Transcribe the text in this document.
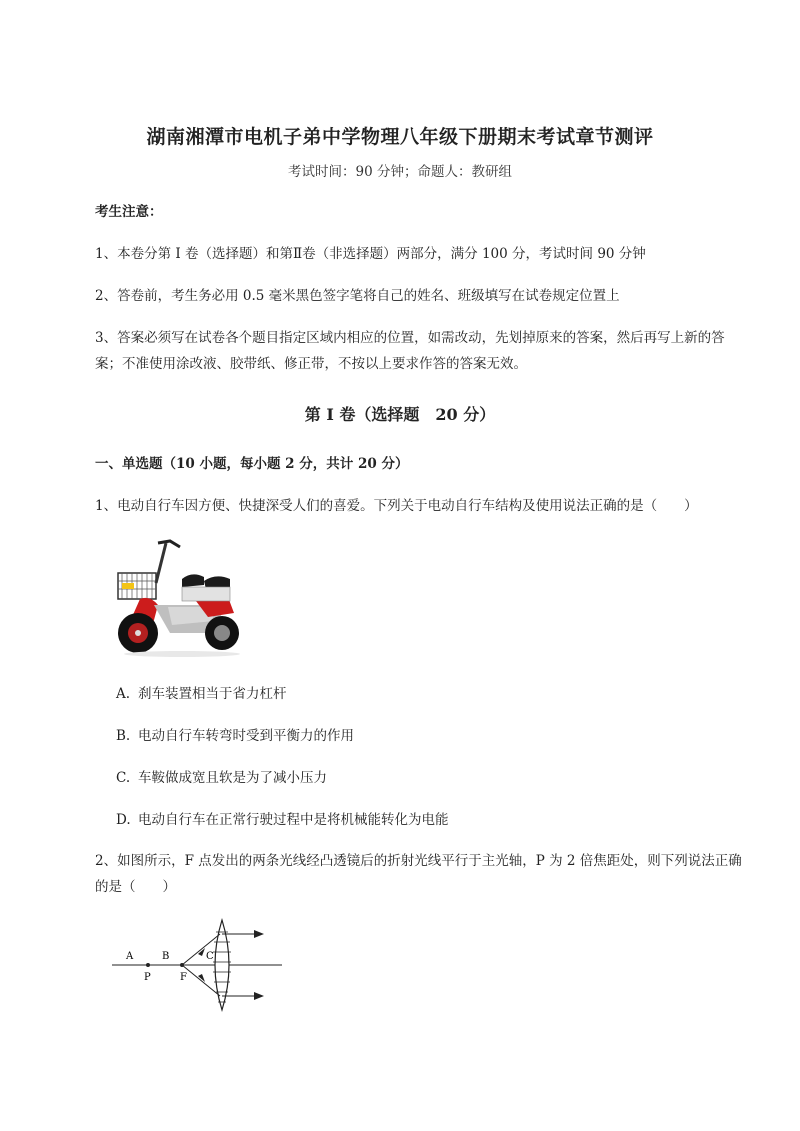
湖南湘潭市电机子弟中学物理八年级下册期末考试章节测评
考试时间：90 分钟；命题人：教研组
考生注意：
1、本卷分第 I 卷（选择题）和第Ⅱ卷（非选择题）两部分，满分 100 分，考试时间 90 分钟
2、答卷前，考生务必用 0.5 毫米黑色签字笔将自己的姓名、班级填写在试卷规定位置上
3、答案必须写在试卷各个题目指定区域内相应的位置，如需改动，先划掉原来的答案，然后再写上新的答案；不准使用涂改液、胶带纸、修正带，不按以上要求作答的答案无效。
第 I 卷（选择题　20 分）
一、单选题（10 小题，每小题 2 分，共计 20 分）
1、电动自行车因方便、快捷深受人们的喜爱。下列关于电动自行车结构及使用说法正确的是（　　）
A. 刹车装置相当于省力杠杆
B. 电动自行车转弯时受到平衡力的作用
C. 车鞍做成宽且软是为了减小压力
D. 电动自行车在正常行驶过程中是将机械能转化为电能
2、如图所示，F 点发出的两条光线经凸透镜后的折射光线平行于主光轴，P 为 2 倍焦距处，则下列说法正确的是（　　）
A	B	C
P	F
